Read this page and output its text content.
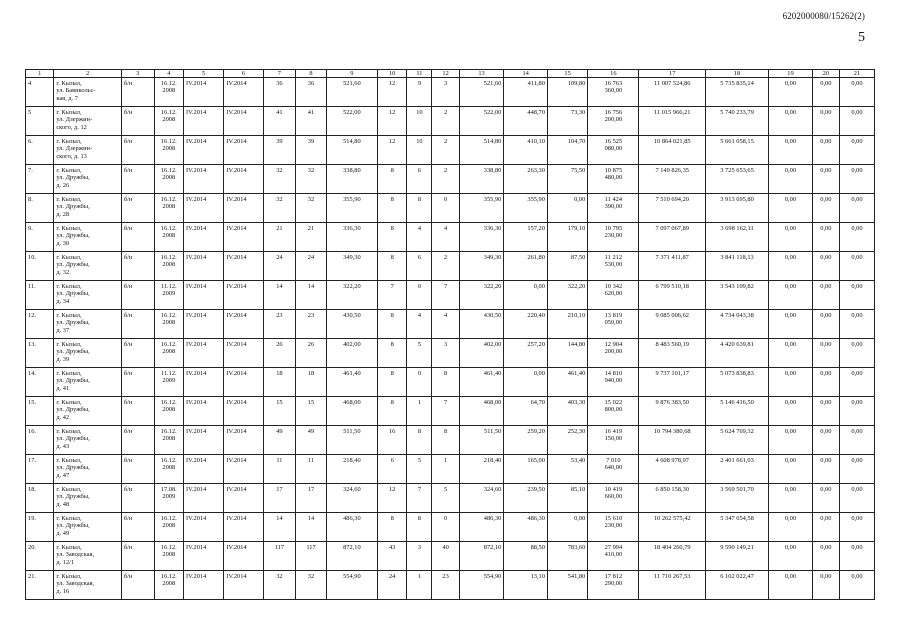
6202000080/15262(2)
5
1	2	3	4	5	6	7	8	9	10	11	12	13	14	15	16	17	18	19	20	21
4	г. Кызыл,
ул. Бавикольс-
кая, д. 7	б/н	16.12.
2008	IV.2014	IV.2014	36	36	521,60	12	9	3	521,60	411,80	109,80	16 763
360,00	11 007 524,86	5 735 835,14	0,00	0,00	0,00
5	г. Кызыл,
ул. Дзержин-
ского, д. 12	б/н	16.12.
2008	IV.2014	IV.2014	41	41	522,00	12	10	2	522,00	448,70	73,30	16 756
200,00	11 015 966,21	5 740 233,79	0,00	0,00	0,00
6.	г. Кызыл,
ул. Дзержин-
ского, д. 13	б/н	16.12.
2008	IV.2014	IV.2014	39	39	514,80	12	10	2	514,80	410,10	104,70	16 525
080,00	10 864 021,85	5 661 058,15	0,00	0,00	0,00
7.	г. Кызыл,
ул. Дружбы,
д. 26	б/н	16.12.
2008	IV.2014	IV.2014	32	32	338,80	8	6	2	338,80	263,30	75,50	10 875
480,00	7 149 826,35	3 725 653,65	0,00	0,00	0,00
8.	г. Кызыл,
ул. Дружбы,
д. 28	б/н	16.12.
2008	IV.2014	IV.2014	32	32	355,90	8	8	0	355,90	355,90	0,00	11 424
390,00	7 510 694,20	3 913 695,80	0,00	0,00	0,00
9.	г. Кызыл,
ул. Дружбы,
д. 30	б/н	16.12.
2008	IV.2014	IV.2014	21	21	336,30	8	4	4	336,30	157,20	179,10	10 795
230,00	7 097 067,89	3 698 162,11	0,00	0,00	0,00
10.	г. Кызыл,
ул. Дружбы,
д. 32	б/н	16.12.
2008	IV.2014	IV.2014	24	24	349,30	8	6	2	349,30	261,80	87,50	11 212
530,00	7 371 411,87	3 841 118,13	0,00	0,00	0,00
11.	г. Кызыл,
ул. Дружбы,
д. 34	б/н	11.12.
2009	IV.2014	IV.2014	14	14	322,20	7	0	7	322,20	0,00	322,20	10 342
620,00	6 799 510,18	3 543 109,82	0,00	0,00	0,00
12.	г. Кызыл,
ул. Дружбы,
д. 37	б/н	16.12.
2008	IV.2014	IV.2014	23	23	430,50	8	4	4	430,50	220,40	210,10	13 819
050,00	9 085 006,62	4 734 043,38	0,00	0,00	0,00
13.	г. Кызыл,
ул. Дружбы,
д. 39	б/н	16.12.
2008	IV.2014	IV.2014	26	26	402,00	8	5	3	402,00	257,20	144,80	12 904
200,00	8 483 560,19	4 420 639,81	0,00	0,00	0,00
14.	г. Кызыл,
ул. Дружбы,
д. 41	б/н	11.12.
2009	IV.2014	IV.2014	18	18	461,40	8	0	8	461,40	0,00	461,40	14 810
940,00	9 737 101,17	5 073 838,83	0,00	0,00	0,00
15.	г. Кызыл,
ул. Дружбы,
д. 42	б/н	16.12.
2008	IV.2014	IV.2014	15	15	468,00	8	1	7	468,00	64,70	403,30	15 022
800,00	9 876 383,50	5 146 416,50	0,00	0,00	0,00
16.	г. Кызыл,
ул. Дружбы,
д. 43	б/н	16.12.
2008	IV.2014	IV.2014	49	49	511,50	16	8	8	511,50	259,20	252,30	16 419
150,00	10 794 380,68	5 624 769,32	0,00	0,00	0,00
17.	г. Кызыл,
ул. Дружбы,
д. 47	б/н	16.12.
2008	IV.2014	IV.2014	11	11	218,40	6	5	1	218,40	165,00	53,40	7 010
640,00	4 608 978,97	2 401 661,03	0,00	0,00	0,00
18.	г. Кызыл,
ул. Дружбы,
д. 48	б/н	17.08.
2009	IV.2014	IV.2014	17	17	324,60	12	7	5	324,60	239,50	85,10	10 419
660,00	6 850 158,30	3 569 501,70	0,00	0,00	0,00
19.	г. Кызыл,
ул. Дружбы,
д. 49	б/н	16.12.
2008	IV.2014	IV.2014	14	14	486,30	8	8	0	486,30	486,30	0,00	15 610
230,00	10 262 575,42	5 347 654,58	0,00	0,00	0,00
20.	г. Кызыл,
ул. Заводская,
д. 12/1	б/н	16.12.
2008	IV.2014	IV.2014	117	117	872,10	43	3	40	872,10	88,50	783,60	27 994
410,00	18 404 260,79	9 590 149,21	0,00	0,00	0,00
21.	г. Кызыл,
ул. Заводская,
д. 16	б/н	16.12.
2008	IV.2014	IV.2014	32	32	554,90	24	1	23	554,90	13,10	541,80	17 812
290,00	11 710 267,53	6 102 022,47	0,00	0,00	0,00
